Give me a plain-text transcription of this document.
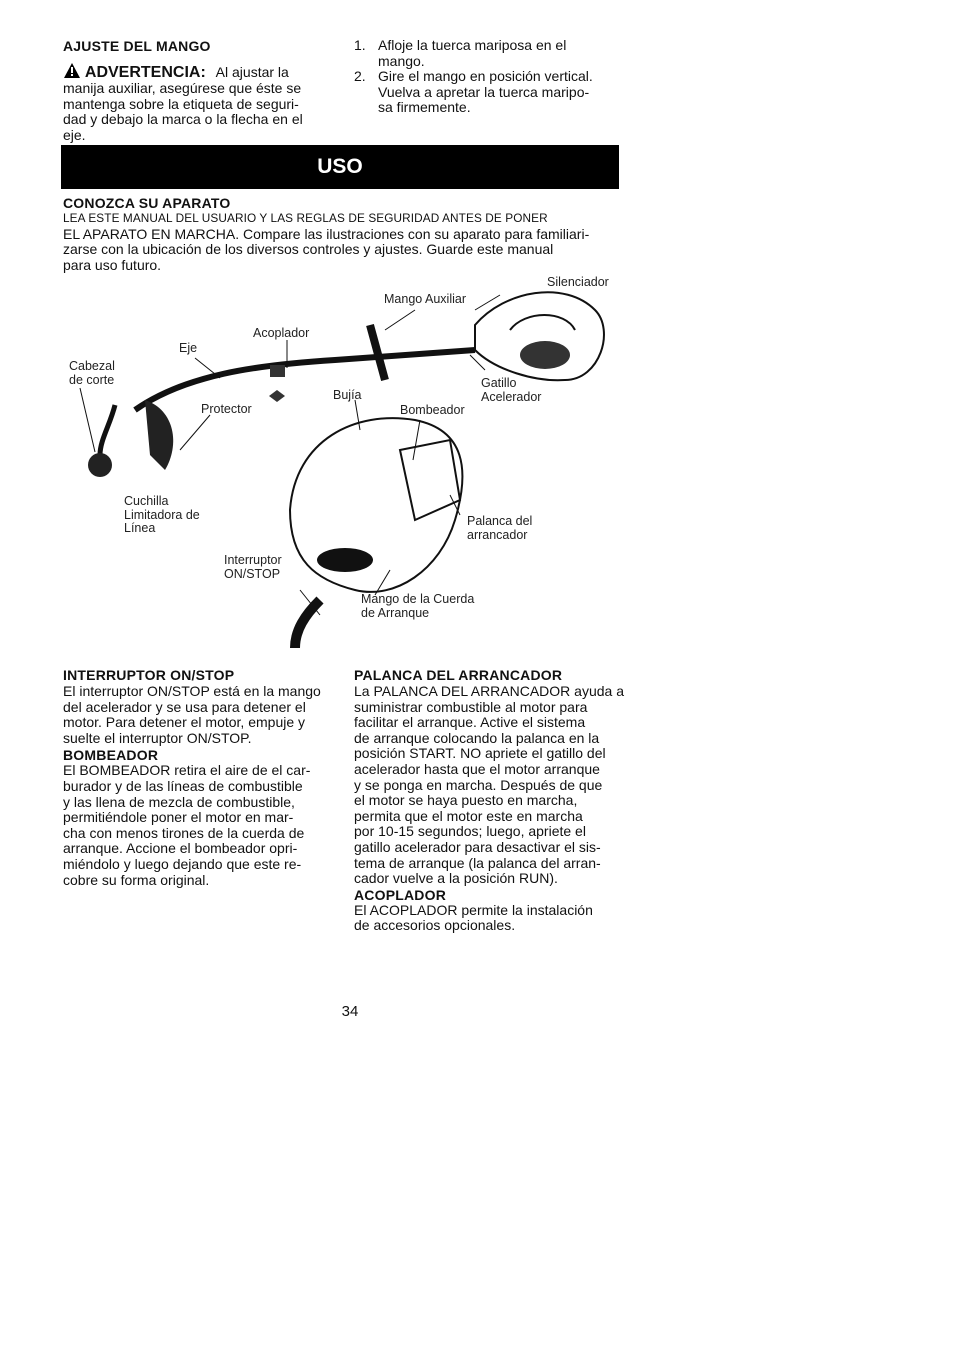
AJUSTE DEL MANGO
ADVERTENCIA: Al ajustar la
manija auxiliar, asegúrese que éste se
mantenga sobre la etiqueta de seguri-
dad y debajo la marca o la flecha en el
eje.
1. Afloje la tuerca mariposa en el
mango.
2. Gire el mango en posición vertical.
Vuelva a apretar la tuerca maripo-
sa firmemente.
USO
CONOZCA SU APARATO
LEA ESTE MANUAL DEL USUARIO Y LAS REGLAS DE SEGURIDAD ANTES DE PONER
EL APARATO EN MARCHA. Compare las ilustraciones con su aparato para familiari-
zarse con la ubicación de los diversos controles y ajustes. Guarde este manual
para uso futuro.
Silenciador
Mango Auxiliar
Acoplador
Eje
Cabezal
de corte	Gatillo
Acelerador
Bujía
Bombeador
Protector
Cuchilla
Limitadora de
Línea	Palanca del
arrancador
Interruptor
ON/STOP
Mango de la Cuerda
de Arranque
INTERRUPTOR ON/STOP
El interruptor ON/STOP está en la mango
del acelerador y se usa para detener el
motor. Para detener el motor, empuje y
suelte el interruptor ON/STOP.
BOMBEADOR
El BOMBEADOR retira el aire de el car-
burador y de las líneas de combustible
y las llena de mezcla de combustible,
permitiéndole poner el motor en mar-
cha con menos tirones de la cuerda de
arranque. Accione el bombeador opri-
miéndolo y luego dejando que este re-
cobre su forma original.
PALANCA DEL ARRANCADOR
La PALANCA DEL ARRANCADOR ayuda a
suministrar combustible al motor para
facilitar el arranque. Active el sistema
de arranque colocando la palanca en la
posición START. NO apriete el gatillo del
acelerador hasta que el motor arranque
y se ponga en marcha. Después de que
el motor se haya puesto en marcha,
permita que el motor este en marcha
por 10-15 segundos; luego, apriete el
gatillo acelerador para desactivar el sis-
tema de arranque (la palanca del arran-
cador vuelve a la posición RUN).
ACOPLADOR
El ACOPLADOR permite la instalación
de accesorios opcionales.
34
